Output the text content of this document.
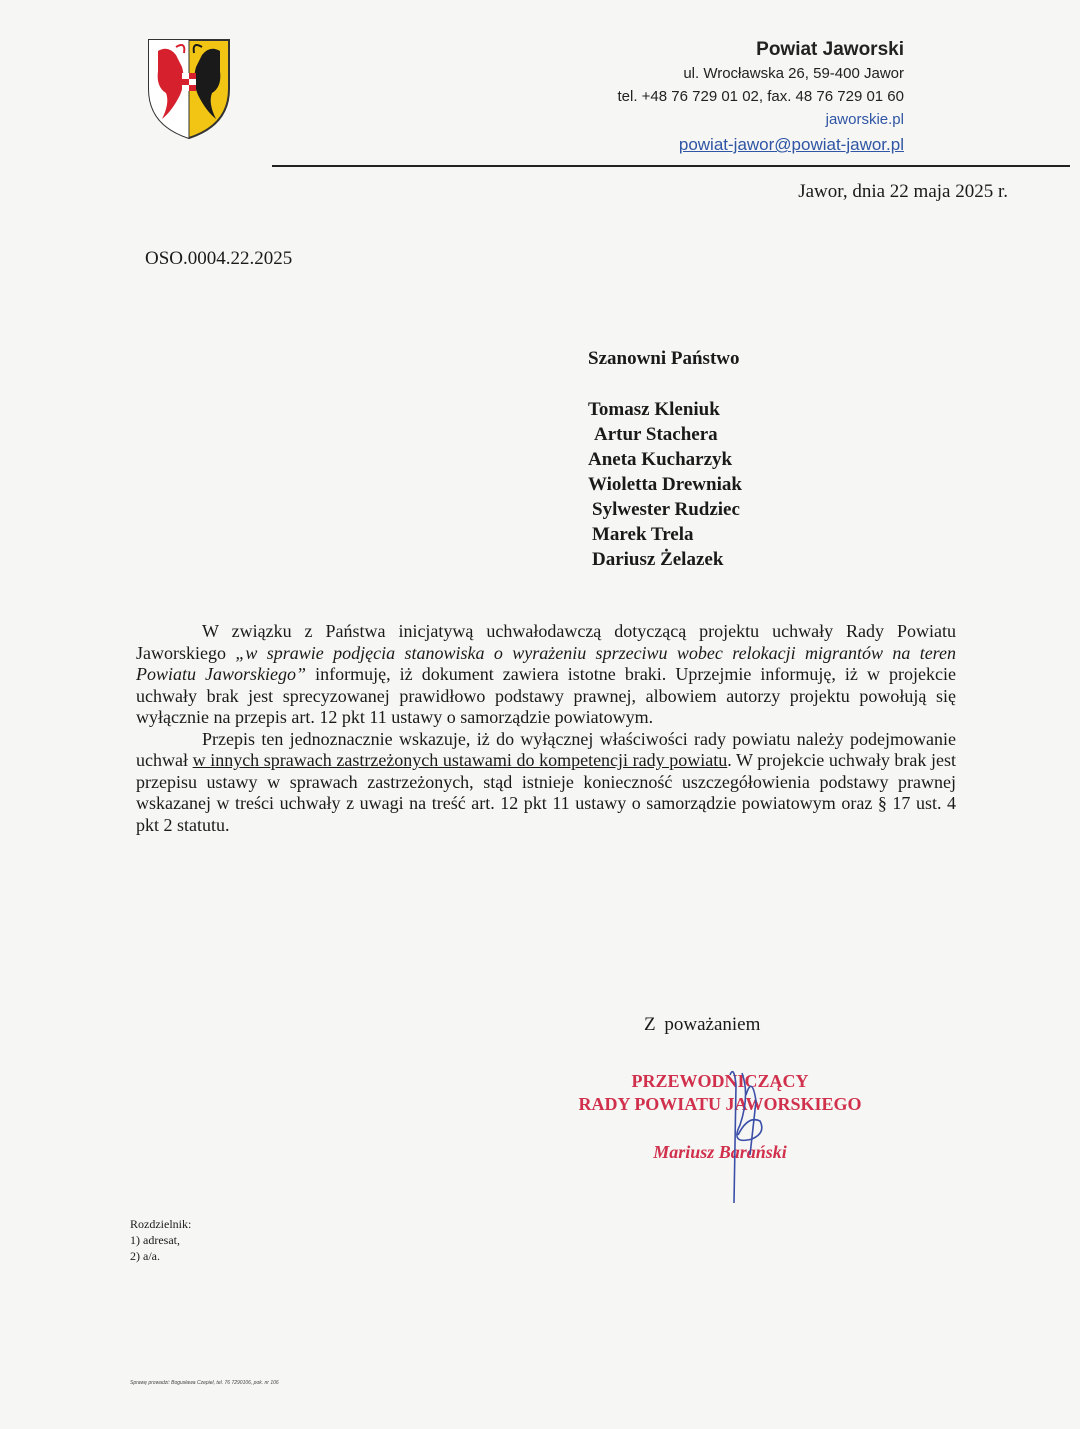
Powiat Jaworski
ul. Wrocławska 26, 59-400 Jawor
tel. +48 76 729 01 02, fax. 48 76 729 01 60
jaworskie.pl
powiat-jawor@powiat-jawor.pl
Jawor, dnia 22 maja 2025 r.
OSO.0004.22.2025
Szanowni Państwo
Tomasz Kleniuk
Artur Stachera
Aneta Kucharzyk
Wioletta Drewniak
Sylwester Rudziec
Marek Trela
Dariusz Żelazek

W związku z Państwa inicjatywą uchwałodawczą dotyczącą projektu uchwały Rady Powiatu Jaworskiego „w sprawie podjęcia stanowiska o wyrażeniu sprzeciwu wobec relokacji migrantów na teren Powiatu Jaworskiego” informuję, iż dokument zawiera istotne braki. Uprzejmie informuję, iż w projekcie uchwały brak jest sprecyzowanej prawidłowo podstawy prawnej, albowiem autorzy projektu powołują się wyłącznie na przepis art. 12 pkt 11 ustawy o samorządzie powiatowym.

Przepis ten jednoznacznie wskazuje, iż do wyłącznej właściwości rady powiatu należy podejmowanie uchwał w innych sprawach zastrzeżonych ustawami do kompetencji rady powiatu. W projekcie uchwały brak jest przepisu ustawy w sprawach zastrzeżonych, stąd istnieje konieczność uszczegółowienia podstawy prawnej wskazanej w treści uchwały z uwagi na treść art. 12 pkt 11 ustawy o samorządzie powiatowym oraz § 17 ust. 4 pkt 2 statutu.

Z poważaniem
PRZEWODNICZĄCY
RADY POWIATU JAWORSKIEGO
Mariusz Barański
Rozdzielnik:
1) adresat,
2) a/a.
Sprawę prowadzi: Bogusława Czepiel, tel. 76 7290106, pok. nr 106
